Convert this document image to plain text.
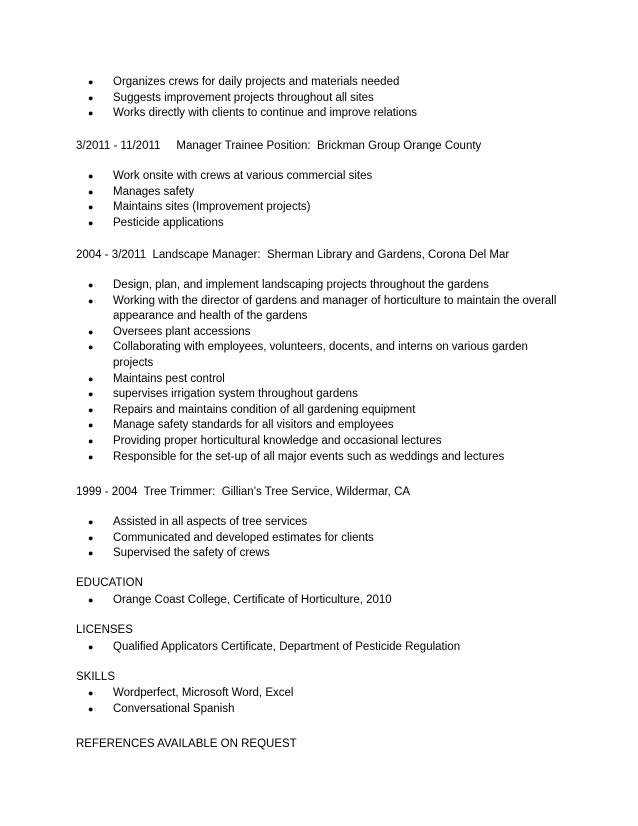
● Organizes crews for daily projects and materials needed
● Suggests improvement projects throughout all sites
● Works directly with clients to continue and improve relations
3/2011 - 11/2011     Manager Trainee Position:  Brickman Group Orange County
● Work onsite with crews at various commercial sites
● Manages safety
● Maintains sites (Improvement projects)
● Pesticide applications
2004 - 3/2011  Landscape Manager:  Sherman Library and Gardens, Corona Del Mar
● Design, plan, and implement landscaping projects throughout the gardens
● Working with the director of gardens and manager of horticulture to maintain the overall
appearance and health of the gardens
● Oversees plant accessions
● Collaborating with employees, volunteers, docents, and interns on various garden
projects
● Maintains pest control
● supervises irrigation system throughout gardens
● Repairs and maintains condition of all gardening equipment
● Manage safety standards for all visitors and employees
● Providing proper horticultural knowledge and occasional lectures
● Responsible for the set-up of all major events such as weddings and lectures
1999 - 2004  Tree Trimmer:  Gillian’s Tree Service, Wildermar, CA
● Assisted in all aspects of tree services
● Communicated and developed estimates for clients
● Supervised the safety of crews
EDUCATION
● Orange Coast College, Certificate of Horticulture, 2010
LICENSES
● Qualified Applicators Certificate, Department of Pesticide Regulation
SKILLS
● Wordperfect, Microsoft Word, Excel
● Conversational Spanish
REFERENCES AVAILABLE ON REQUEST
